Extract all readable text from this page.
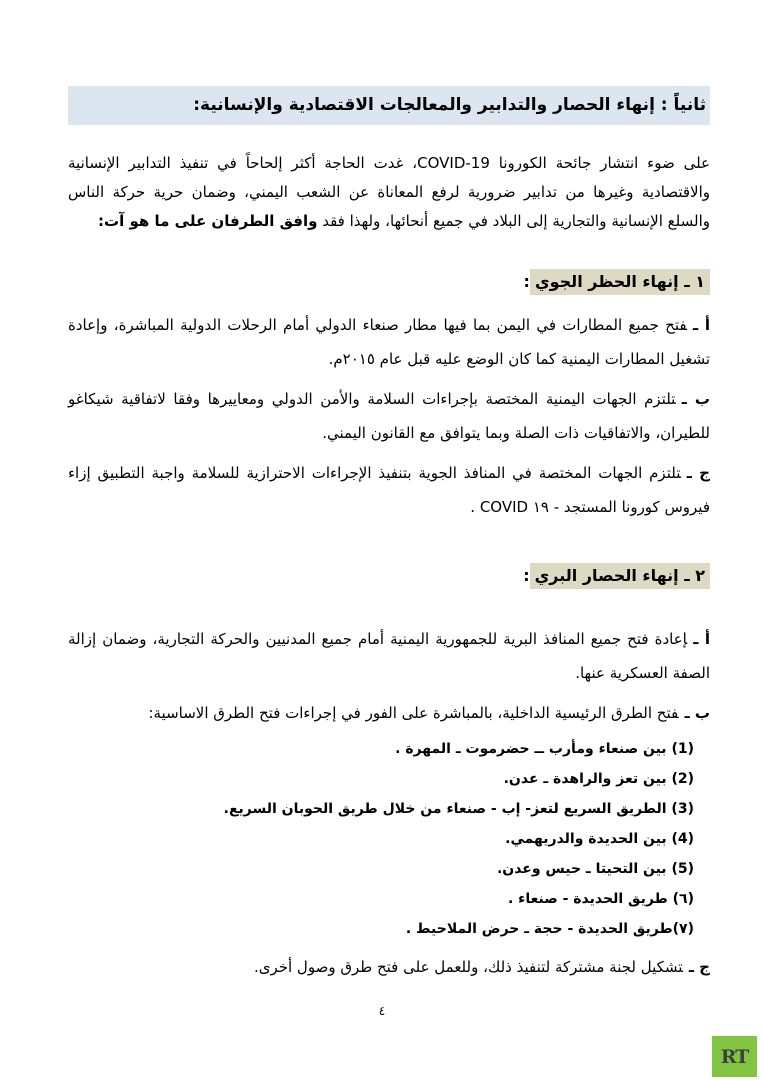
ثانياً : إنهاء الحصار والتدابير والمعالجات الاقتصادية والإنسانية:

على ضوء انتشار جائحة الكورونا COVID-19، غدت الحاجة أكثر إلحاحاً في تنفيذ التدابير الإنسانية والاقتصادية وغيرها من تدابير ضرورية لرفع المعاناة عن الشعب اليمني، وضمان حرية حركة الناس والسلع الإنسانية والتجارية إلى البلاد في جميع أنحائها، ولهذا فقد وافق الطرفان على ما هو آت:

١ ـ إنهاء الحظر الجوي:

أ ـفتح جميع المطارات في اليمن بما فيها مطار صنعاء الدولي أمام الرحلات الدولية المباشرة، وإعادة تشغيل المطارات اليمنية كما كان الوضع عليه قبل عام ٢٠١٥م.

ب ـتلتزم الجهات اليمنية المختصة بإجراءات السلامة والأمن الدولي ومعاييرها وفقا لاتفاقية شيكاغو للطيران، والاتفاقيات ذات الصلة وبما يتوافق مع القانون اليمني.

ج ـتلتزم الجهات المختصة في المنافذ الجوية بتنفيذ الإجراءات الاحترازية للسلامة واجبة التطبيق إزاء فيروس كورونا المستجد - ١٩ COVID .

٢ ـ إنهاء الحصار البري:

أ ـإعادة فتح جميع المنافذ البرية للجمهورية اليمنية أمام جميع المدنيين والحركة التجارية، وضمان إزالة الصفة العسكرية عنها.

ب ـفتح الطرق الرئيسية الداخلية، بالمباشرة على الفور في إجراءات فتح الطرق الاساسية:

(1) بين صنعاء ومأرب ــ حضرموت ـ المهرة .
(2) بين تعز والراهدة ـ عدن.
(3) الطريق السريع لتعز- إب - صنعاء من خلال طريق الحوبان السريع.
(4) بين الحديدة والدريهمي.
(5) بين التحيتا ـ حيس وعدن.
(٦) طريق الحديدة - صنعاء .
(٧)طريق الحديدة - حجة ـ حرض الملاحيط .

ج ـتشكيل لجنة مشتركة لتنفيذ ذلك، وللعمل على فتح طرق وصول أخرى.

٤
RT
